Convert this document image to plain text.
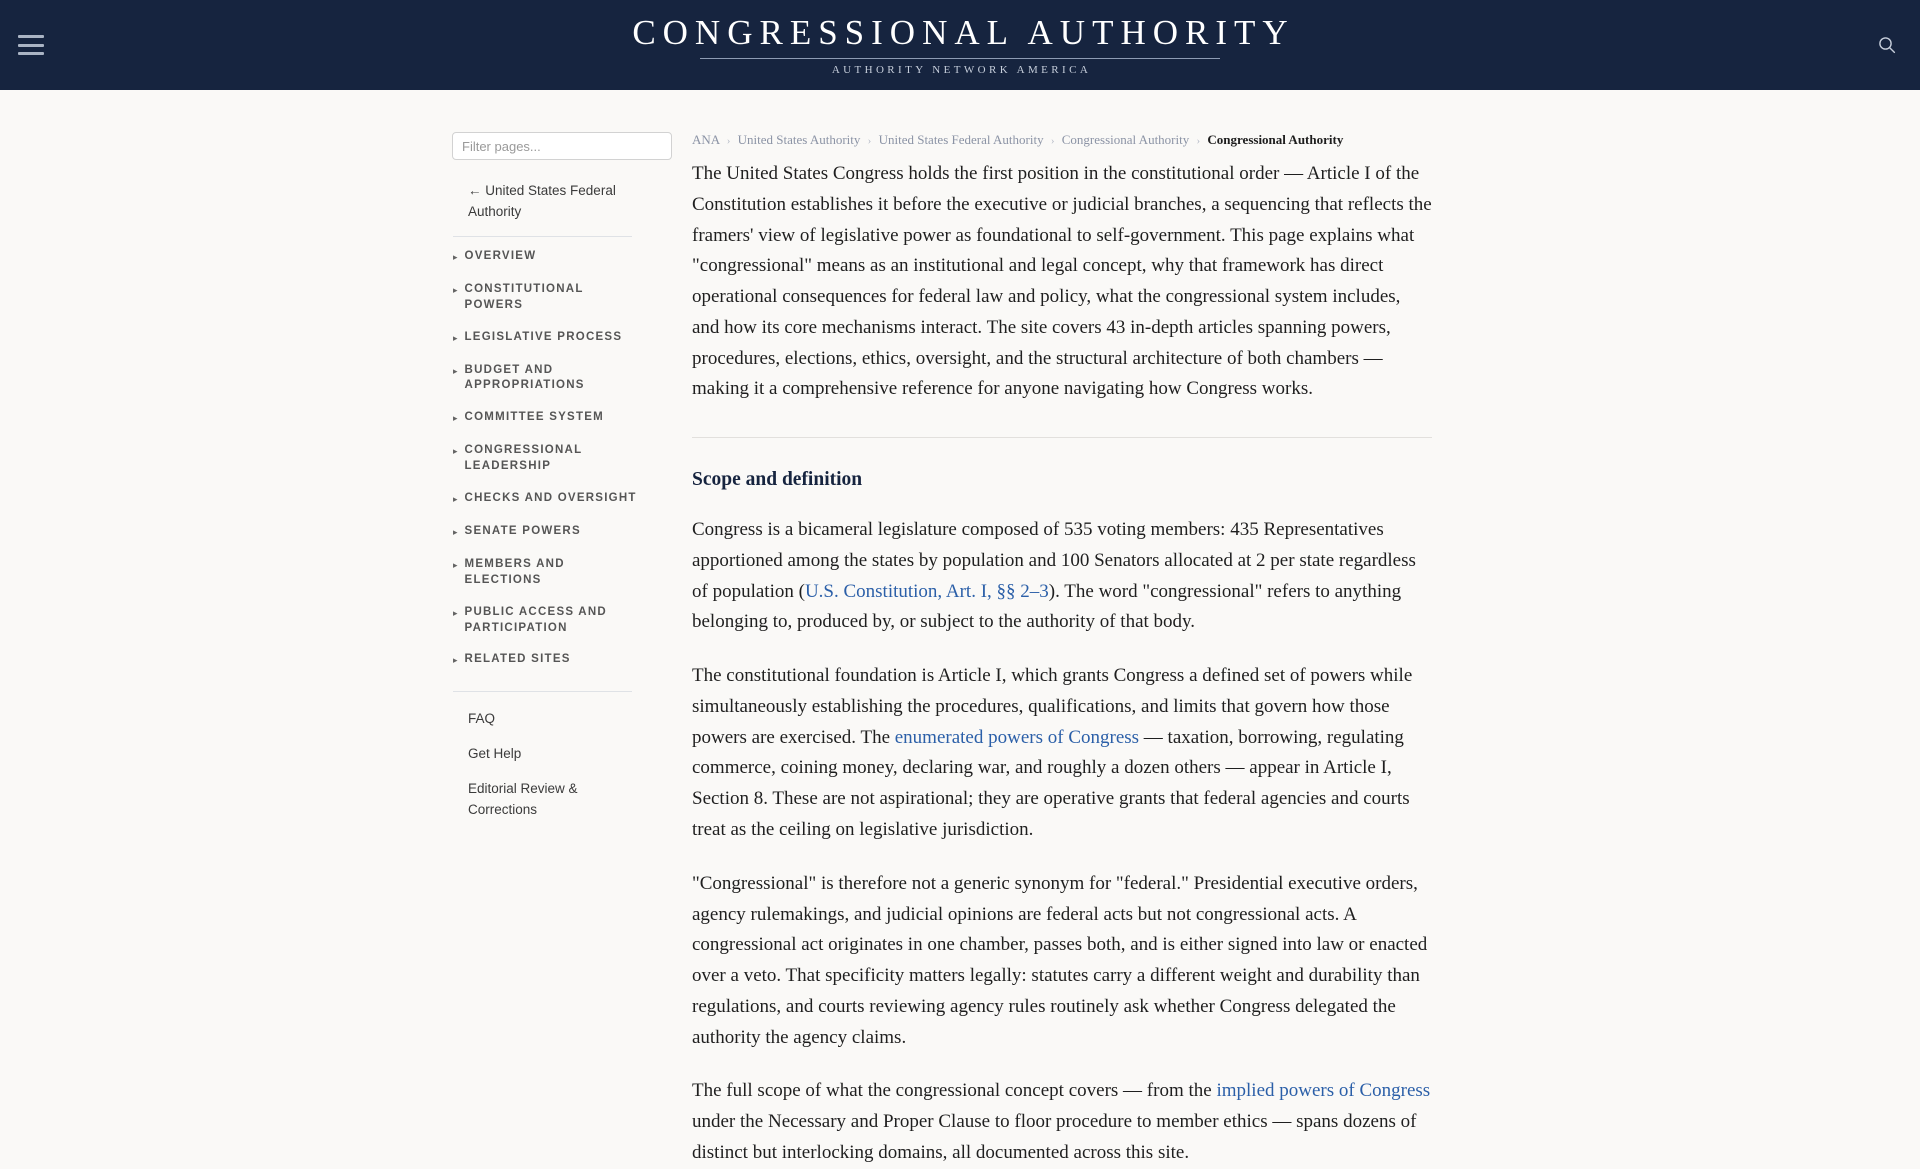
CONGRESSIONAL AUTHORITY
AUTHORITY NETWORK AMERICA
Filter pages...
← United States Federal Authority
▸ OVERVIEW
▸ CONSTITUTIONAL POWERS
▸ LEGISLATIVE PROCESS
▸ BUDGET AND APPROPRIATIONS
▸ COMMITTEE SYSTEM
▸ CONGRESSIONAL LEADERSHIP
▸ CHECKS AND OVERSIGHT
▸ SENATE POWERS
▸ MEMBERS AND ELECTIONS
▸ PUBLIC ACCESS AND PARTICIPATION
▸ RELATED SITES
FAQ
Get Help
Editorial Review & Corrections
ANA › United States Authority › United States Federal Authority › Congressional Authority › Congressional Authority

The United States Congress holds the first position in the constitutional order — Article I of the Constitution establishes it before the executive or judicial branches, a sequencing that reflects the framers' view of legislative power as foundational to self-government. This page explains what "congressional" means as an institutional and legal concept, why that framework has direct operational consequences for federal law and policy, what the congressional system includes, and how its core mechanisms interact. The site covers 43 in-depth articles spanning powers, procedures, elections, ethics, oversight, and the structural architecture of both chambers — making it a comprehensive reference for anyone navigating how Congress works.

Scope and definition

Congress is a bicameral legislature composed of 535 voting members: 435 Representatives apportioned among the states by population and 100 Senators allocated at 2 per state regardless of population (U.S. Constitution, Art. I, §§ 2–3). The word "congressional" refers to anything belonging to, produced by, or subject to the authority of that body.

The constitutional foundation is Article I, which grants Congress a defined set of powers while simultaneously establishing the procedures, qualifications, and limits that govern how those powers are exercised. The enumerated powers of Congress — taxation, borrowing, regulating commerce, coining money, declaring war, and roughly a dozen others — appear in Article I, Section 8. These are not aspirational; they are operative grants that federal agencies and courts treat as the ceiling on legislative jurisdiction.

"Congressional" is therefore not a generic synonym for "federal." Presidential executive orders, agency rulemakings, and judicial opinions are federal acts but not congressional acts. A congressional act originates in one chamber, passes both, and is either signed into law or enacted over a veto. That specificity matters legally: statutes carry a different weight and durability than regulations, and courts reviewing agency rules routinely ask whether Congress delegated the authority the agency claims.

The full scope of what the congressional concept covers — from the implied powers of Congress under the Necessary and Proper Clause to floor procedure to member ethics — spans dozens of distinct but interlocking domains, all documented across this site.
